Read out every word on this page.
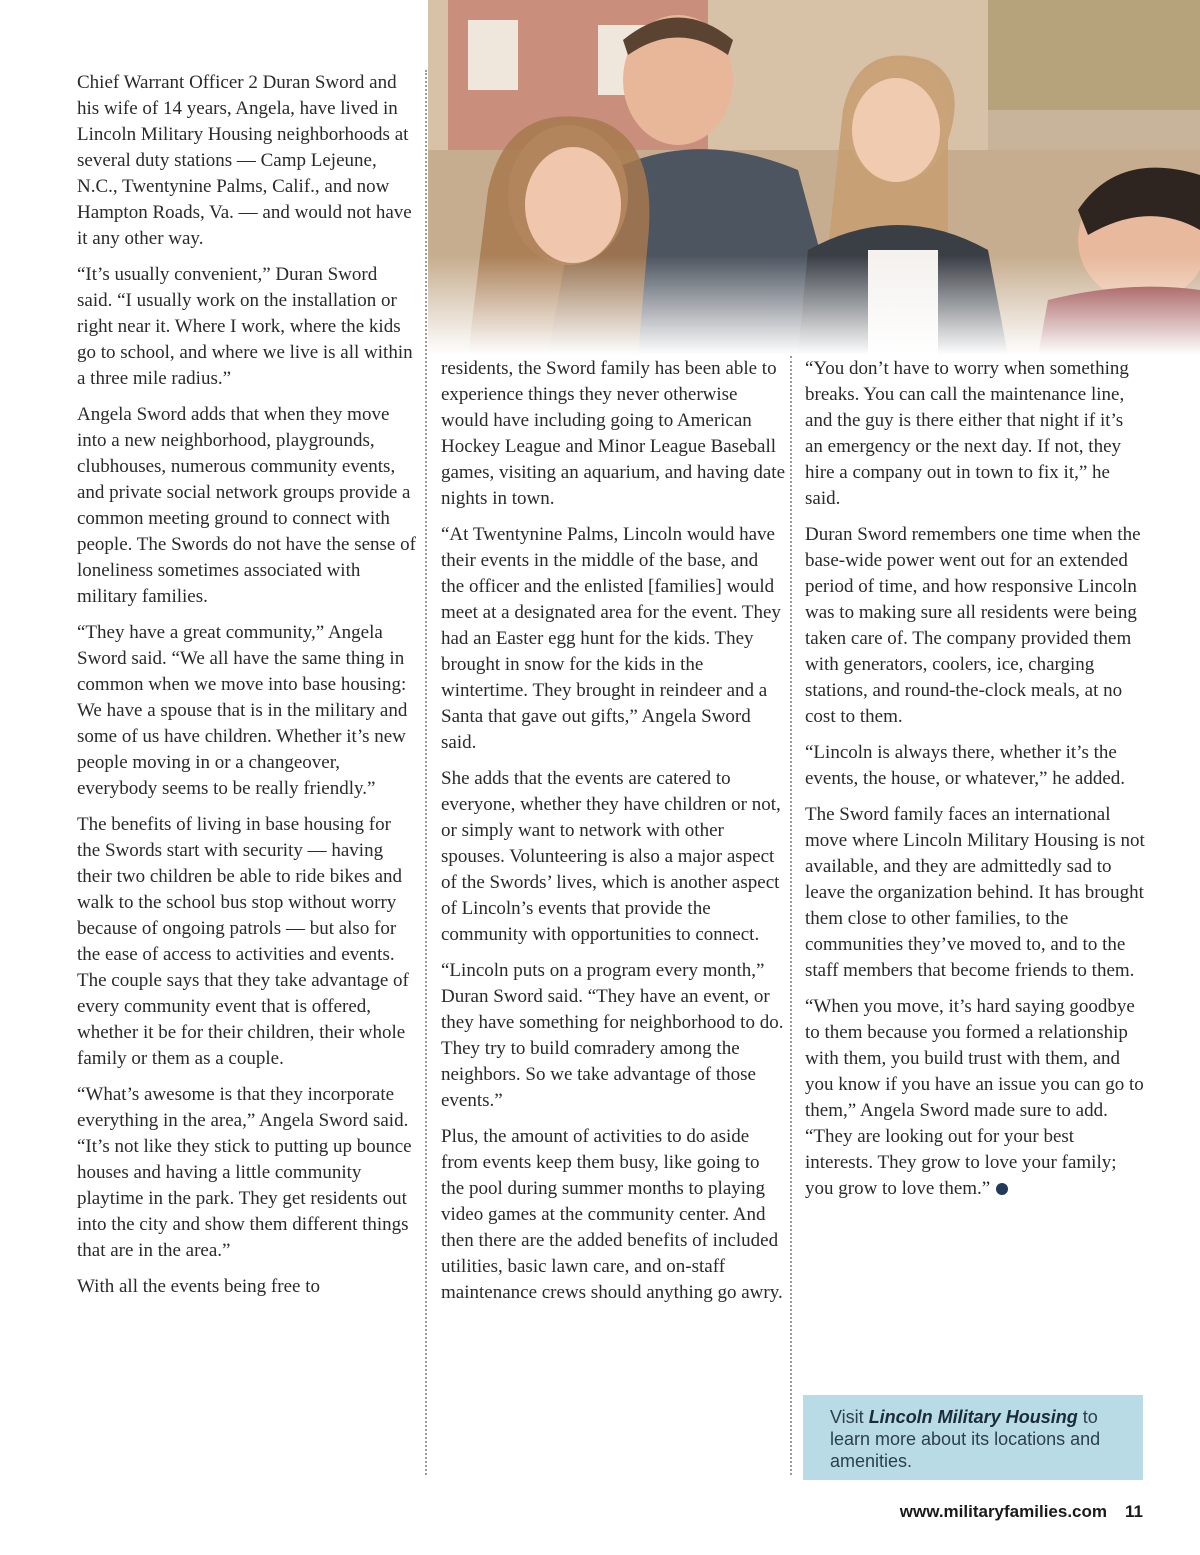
Chief Warrant Officer 2 Duran Sword and his wife of 14 years, Angela, have lived in Lincoln Military Housing neighborhoods at several duty stations — Camp Lejeune, N.C., Twentynine Palms, Calif., and now Hampton Roads, Va. — and would not have it any other way.

“It’s usually convenient,” Duran Sword said. “I usually work on the installation or right near it. Where I work, where the kids go to school, and where we live is all within a three mile radius.”

Angela Sword adds that when they move into a new neighborhood, playgrounds, clubhouses, numerous community events, and private social network groups provide a common meeting ground to connect with people. The Swords do not have the sense of loneliness sometimes associated with military families.

“They have a great community,” Angela Sword said. “We all have the same thing in common when we move into base housing: We have a spouse that is in the military and some of us have children. Whether it’s new people moving in or a changeover, everybody seems to be really friendly.”

The benefits of living in base housing for the Swords start with security — having their two children be able to ride bikes and walk to the school bus stop without worry because of ongoing patrols — but also for the ease of access to activities and events. The couple says that they take advantage of every community event that is offered, whether it be for their children, their whole family or them as a couple.

“What’s awesome is that they incorporate everything in the area,” Angela Sword said. “It’s not like they stick to putting up bounce houses and having a little community playtime in the park. They get residents out into the city and show them different things that are in the area.”

With all the events being free to

residents, the Sword family has been able to experience things they never otherwise would have including going to American Hockey League and Minor League Baseball games, visiting an aquarium, and having date nights in town.

“At Twentynine Palms, Lincoln would have their events in the middle of the base, and the officer and the enlisted [families] would meet at a designated area for the event. They had an Easter egg hunt for the kids. They brought in snow for the kids in the wintertime. They brought in reindeer and a Santa that gave out gifts,” Angela Sword said.

She adds that the events are catered to everyone, whether they have children or not, or simply want to network with other spouses. Volunteering is also a major aspect of the Swords’ lives, which is another aspect of Lincoln’s events that provide the community with opportunities to connect.

“Lincoln puts on a program every month,” Duran Sword said. “They have an event, or they have something for neighborhood to do. They try to build comradery among the neighbors. So we take advantage of those events.”

Plus, the amount of activities to do aside from events keep them busy, like going to the pool during summer months to playing video games at the community center. And then there are the added benefits of included utilities, basic lawn care, and on-staff maintenance crews should anything go awry.

“You don’t have to worry when something breaks. You can call the maintenance line, and the guy is there either that night if it’s an emergency or the next day. If not, they hire a company out in town to fix it,” he said.

Duran Sword remembers one time when the base-wide power went out for an extended period of time, and how responsive Lincoln was to making sure all residents were being taken care of. The company provided them with generators, coolers, ice, charging stations, and round-the-clock meals, at no cost to them.

“Lincoln is always there, whether it’s the events, the house, or whatever,” he added.

The Sword family faces an international move where Lincoln Military Housing is not available, and they are admittedly sad to leave the organization behind. It has brought them close to other families, to the communities they’ve moved to, and to the staff members that become friends to them.

“When you move, it’s hard saying goodbye to them because you formed a relationship with them, you build trust with them, and you know if you have an issue you can go to them,” Angela Sword made sure to add. “They are looking out for your best interests. They grow to love your family; you grow to love them.”

Visit Lincoln Military Housing to learn more about its locations and amenities.
www.militaryfamilies.com 11
